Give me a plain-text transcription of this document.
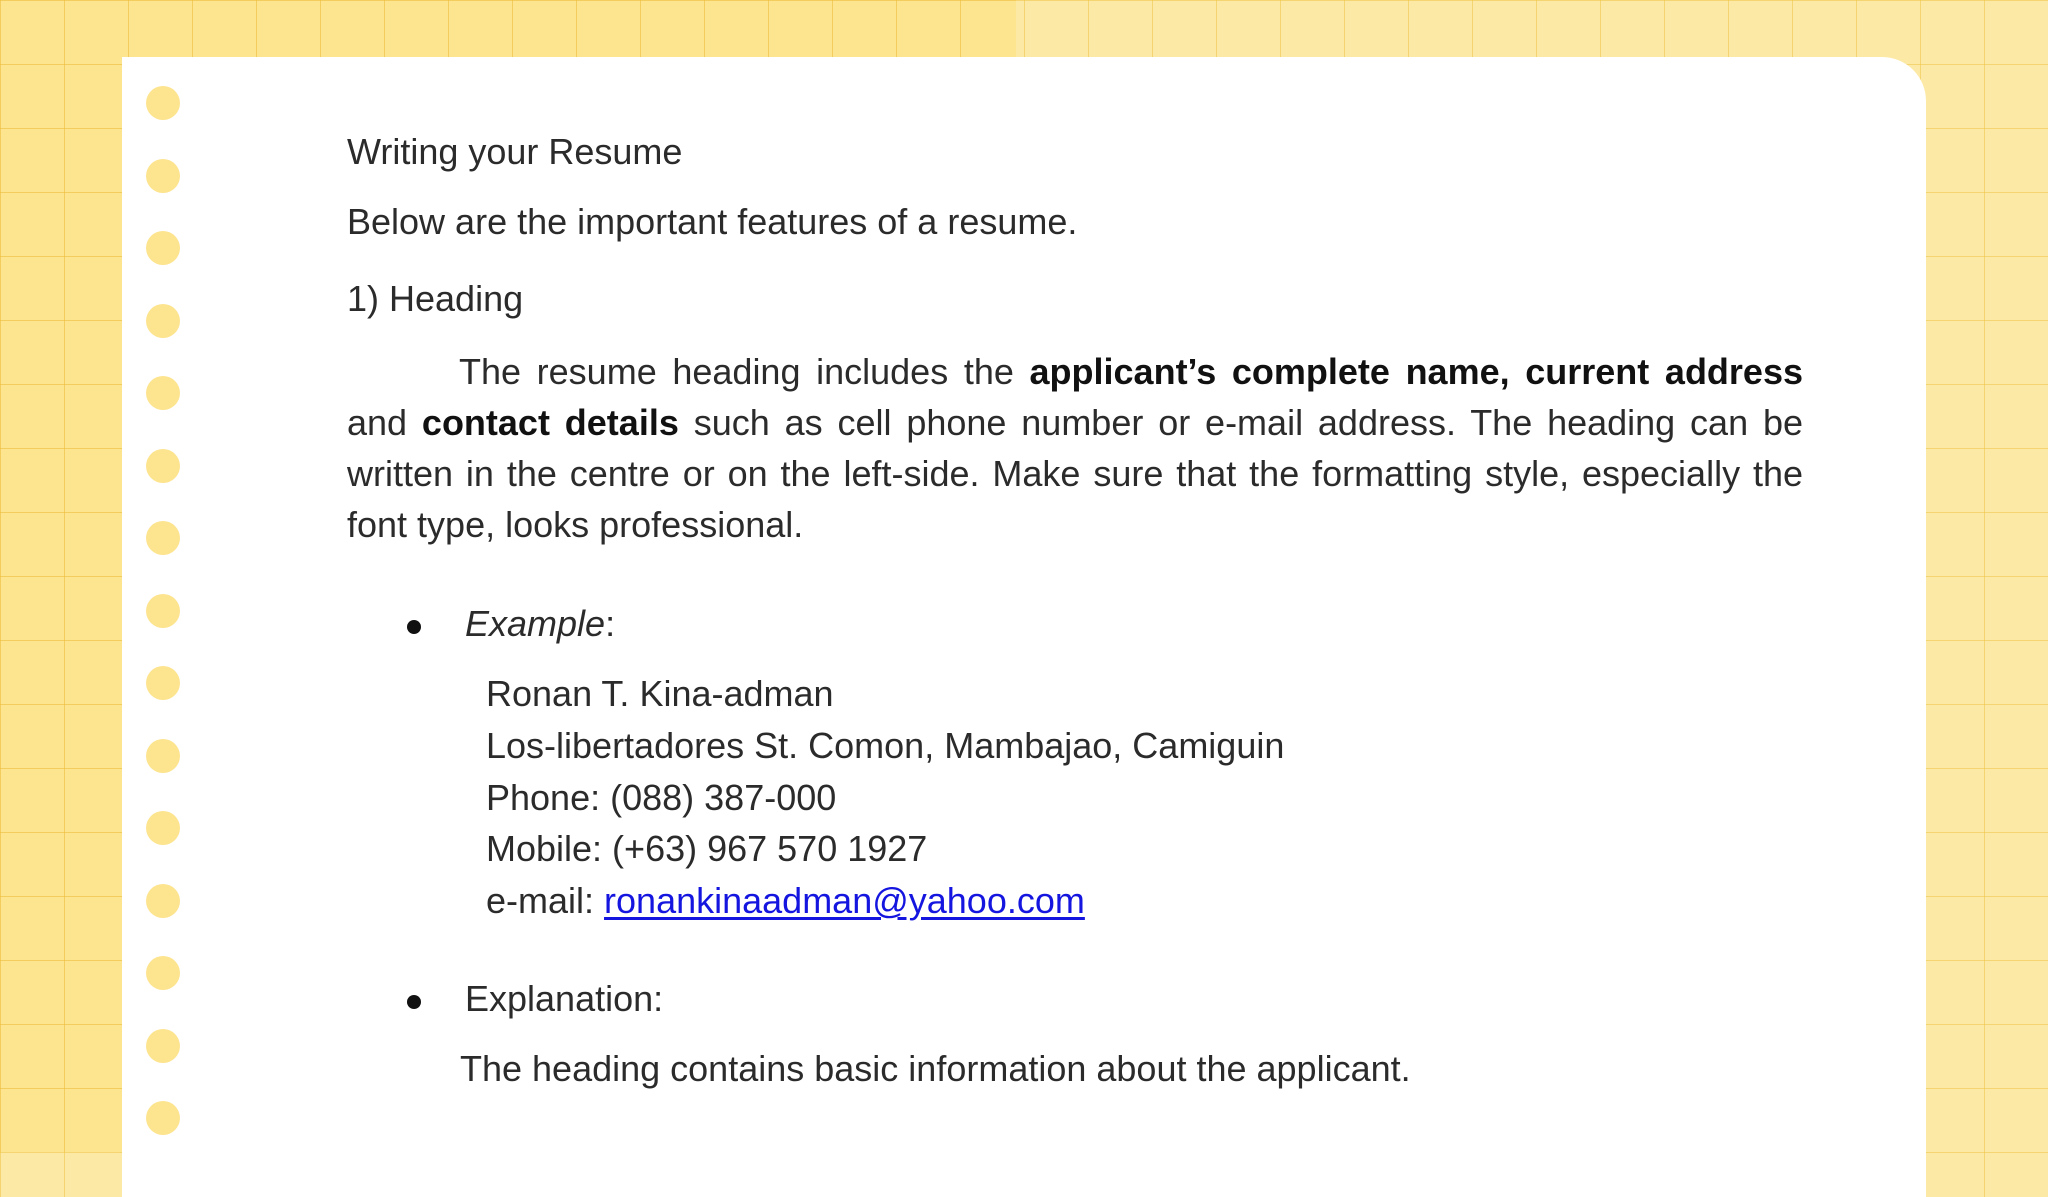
Writing your Resume
Below are the important features of a resume.
1) Heading
The resume heading includes the applicant’s complete name, current address and contact details such as cell phone number or e-mail address. The heading can be written in the centre or on the left-side. Make sure that the formatting style, especially the font type, looks professional.
Example:
Ronan T. Kina-adman
Los-libertadores St. Comon, Mambajao, Camiguin
Phone: (088) 387-000
Mobile: (+63) 967 570 1927
e-mail: ronankinaadman@yahoo.com
Explanation:
The heading contains basic information about the applicant.
